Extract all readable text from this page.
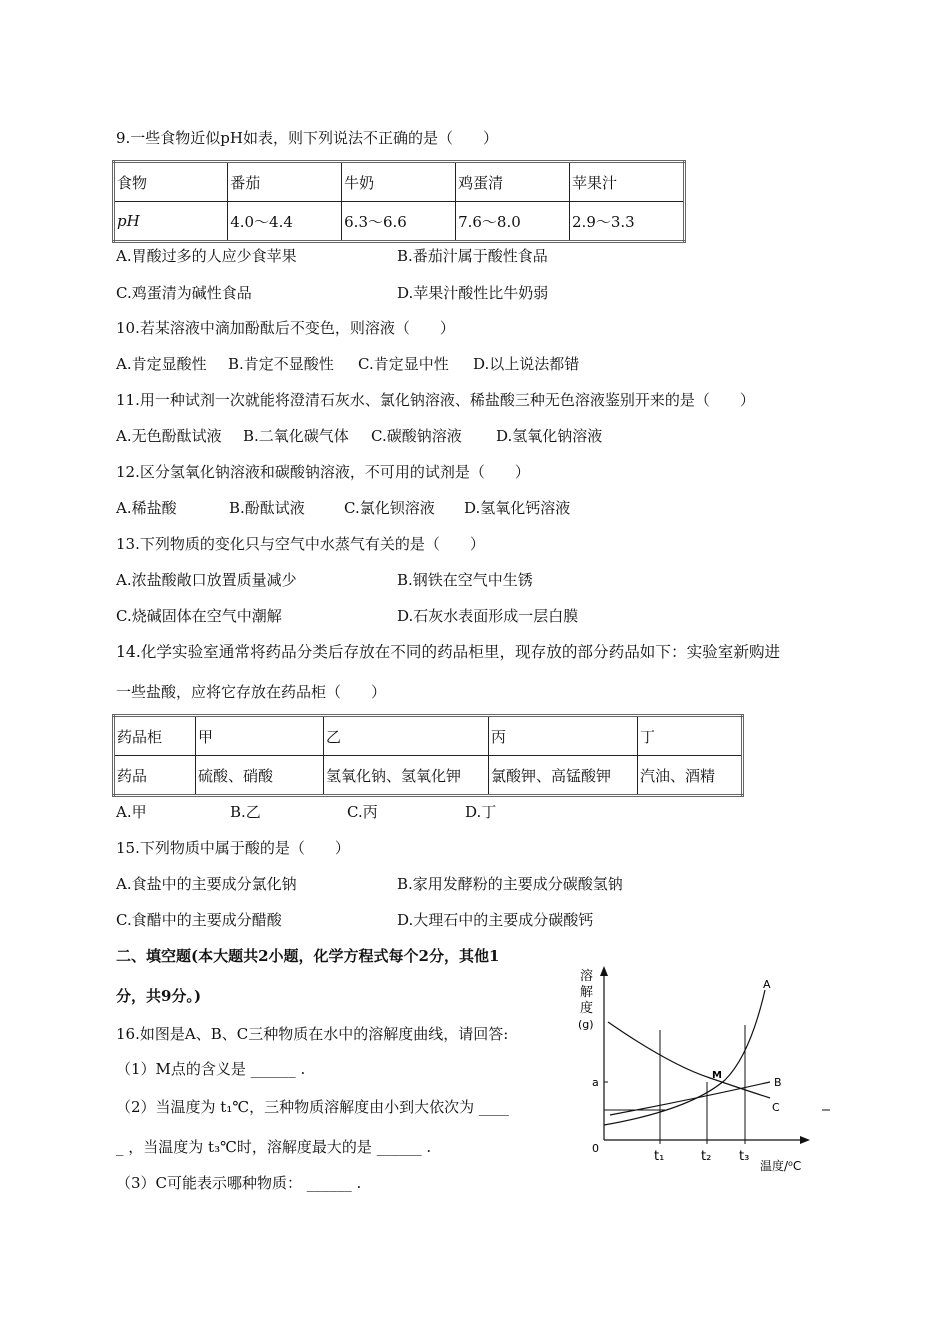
9.一些食物近似pH如表，则下列说法不正确的是（　　）
食物	番茄	牛奶	鸡蛋清	苹果汁
pH	4.0～4.4	6.3～6.6	7.6～8.0	2.9～3.3
A.胃酸过多的人应少食苹果	B.番茄汁属于酸性食品
C.鸡蛋清为碱性食品	D.苹果汁酸性比牛奶弱
10.若某溶液中滴加酚酞后不变色，则溶液（　　）
A.肯定显酸性 B.肯定不显酸性 C.肯定显中性 D.以上说法都错
11.用一种试剂一次就能将澄清石灰水、氯化钠溶液、稀盐酸三种无色溶液鉴别开来的是（　　）
A.无色酚酞试液 B.二氧化碳气体 C.碳酸钠溶液 D.氢氧化钠溶液
12.区分氢氧化钠溶液和碳酸钠溶液，不可用的试剂是（　　）
A.稀盐酸	B.酚酞试液	C.氯化钡溶液 D.氢氧化钙溶液
13.下列物质的变化只与空气中水蒸气有关的是（　　）
A.浓盐酸敞口放置质量减少	B.钢铁在空气中生锈
C.烧碱固体在空气中潮解	D.石灰水表面形成一层白膜
14.化学实验室通常将药品分类后存放在不同的药品柜里，现存放的部分药品如下：实验室新购进
一些盐酸，应将它存放在药品柜（　　）
药品柜	甲	乙	丙	丁
药品	硫酸、硝酸	氢氧化钠、氢氧化钾	氯酸钾、高锰酸钾	汽油、酒精
A.甲	B.乙	C.丙	D.丁
15.下列物质中属于酸的是（　　）
A.食盐中的主要成分氯化钠	B.家用发酵粉的主要成分碳酸氢钠
C.食醋中的主要成分醋酸	D.大理石中的主要成分碳酸钙
二、填空题(本大题共2小题，化学方程式每个2分，其他1
分，共9分。)
16.如图是A、B、C三种物质在水中的溶解度曲线，请回答:
（1）M点的含义是 ______ .
（2）当温度为 t₁℃，三种物质溶解度由小到大依次为 ____
_ ，当温度为 t₃℃时，溶解度最大的是 ______ .
（3）C可能表示哪种物质： ______ .
溶
解
度
(g)
0
a
A
B
C
M
t₁	t₂ t₃
温度/⁰C
